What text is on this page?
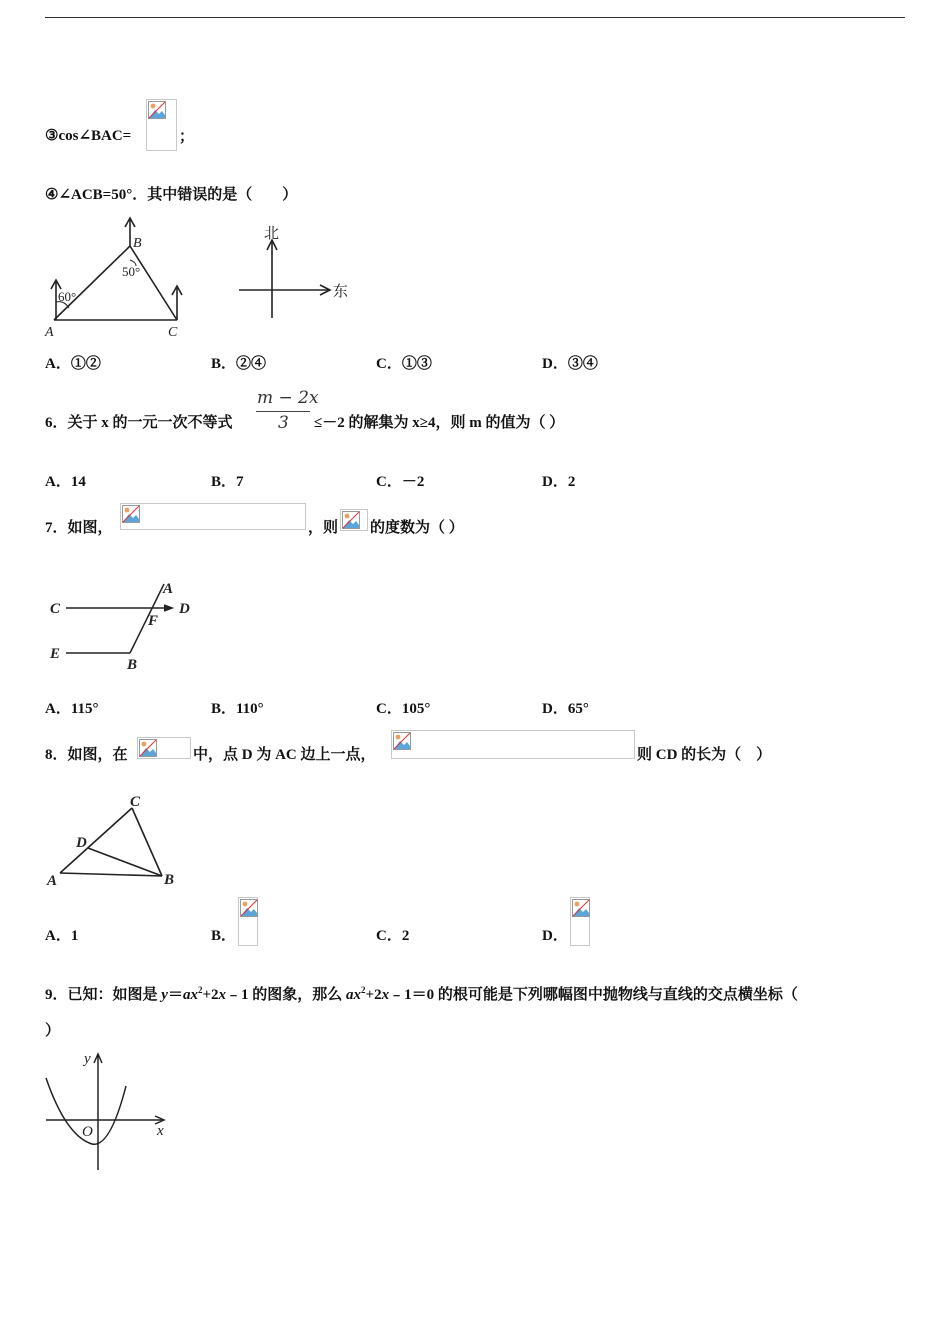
③cos∠BAC=	；
④∠ACB=50°．其中错误的是（　　）
60°
50°
B
A	C
北
东
A．①②	B．②④	C．①③	D．③④
6．关于 x 的一元一次不等式
m − 2x
3 ≤－2 的解集为 x≥4，则 m 的值为（ ）
A．14	B．7	C．－2	D．2
7．如图，	，则 的度数为（ ）
C	D
A
F
E
B
A．115°	B．110°	C．105°	D．65°
8．如图，在	中，点 D 为 AC 边上一点，	则 CD 的长为（　）
C
D
A	B
A．1	B．	C．2	D．
9．已知：如图是 $y=ax^2+2x﹣1$ 的图象，那么 $ax^2+2x﹣1=0$ 的根可能是下列哪幅图中抛物线与直线的交点横坐标（
）
y
x
O
